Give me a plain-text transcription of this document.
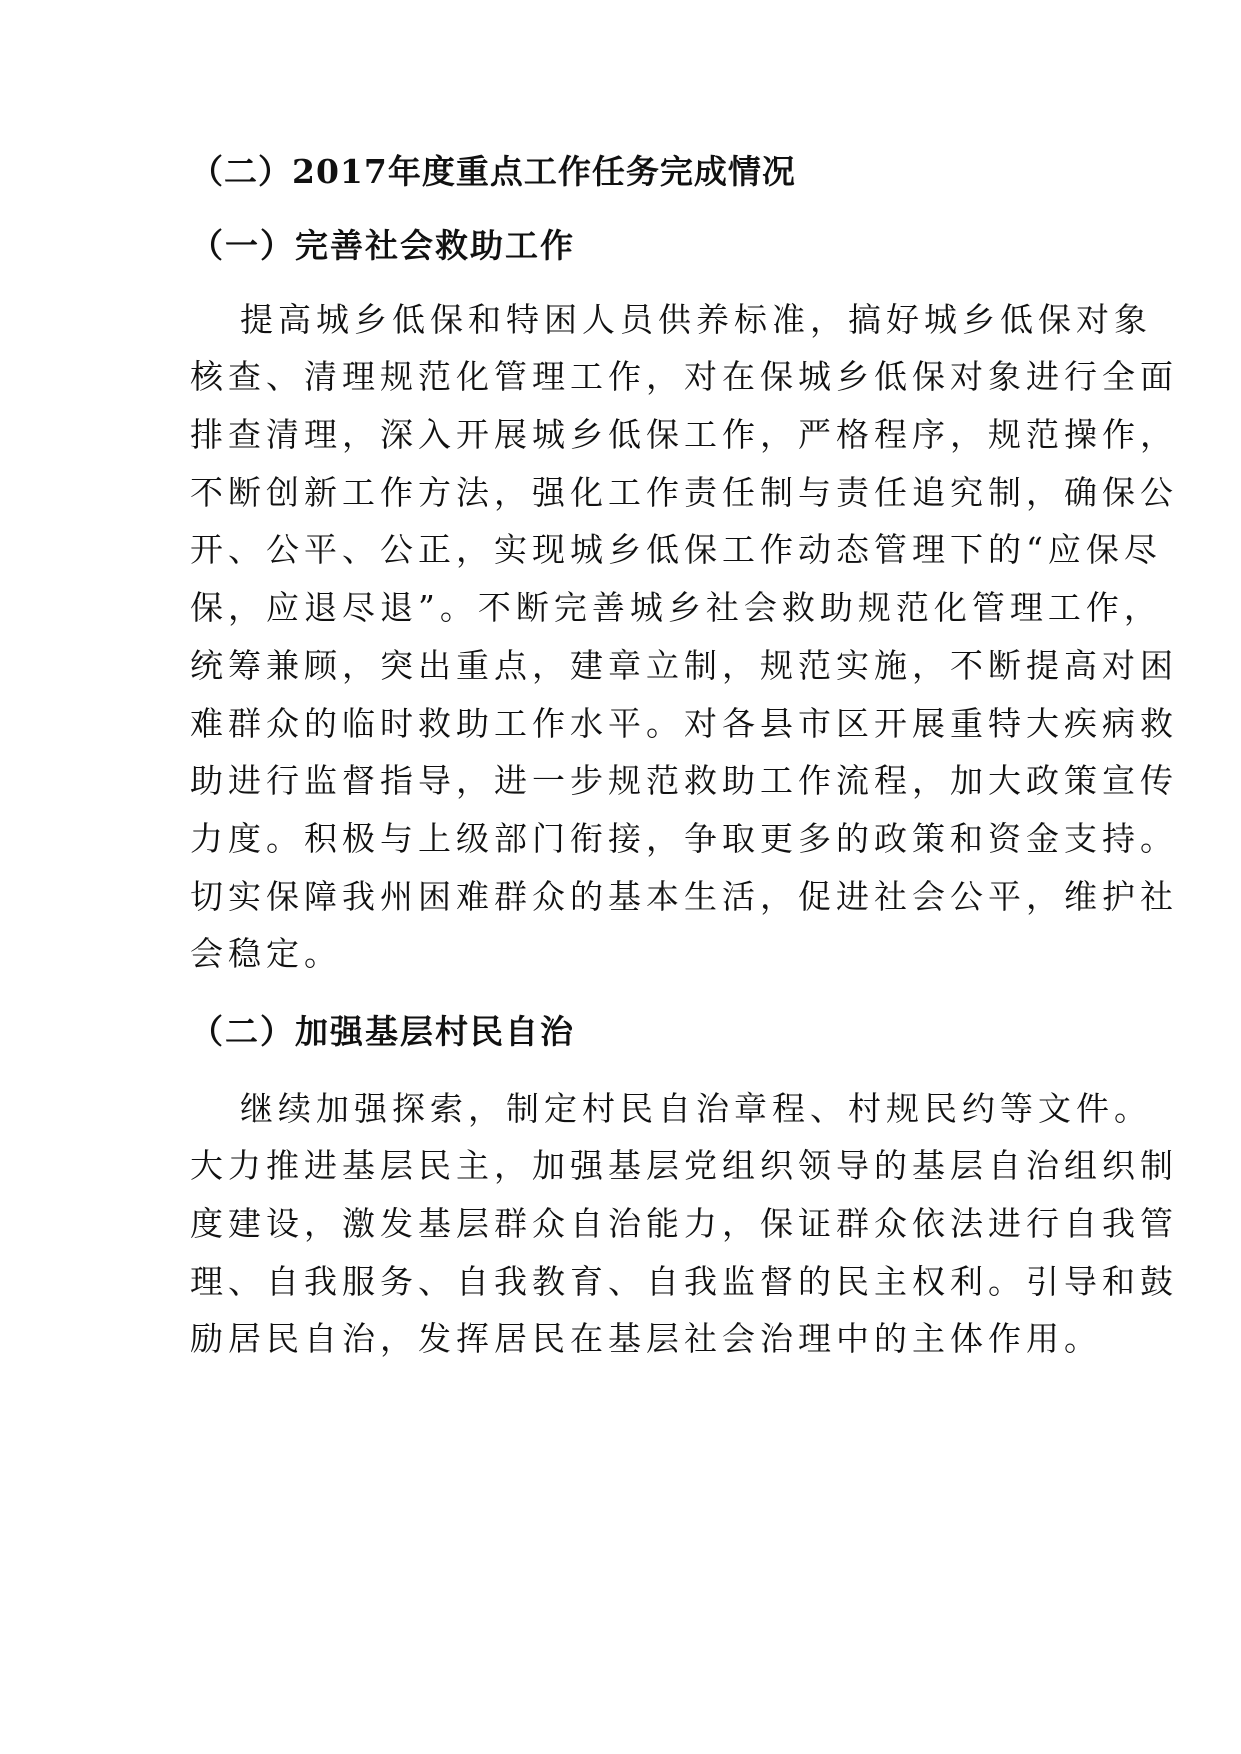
（二）2017年度重点工作任务完成情况
（一）完善社会救助工作
提高城乡低保和特困人员供养标准，搞好城乡低保对象
核查、清理规范化管理工作，对在保城乡低保对象进行全面
排查清理，深入开展城乡低保工作，严格程序，规范操作，
不断创新工作方法，强化工作责任制与责任追究制，确保公
开、公平、公正，实现城乡低保工作动态管理下的“应保尽
保，应退尽退”。不断完善城乡社会救助规范化管理工作，
统筹兼顾，突出重点，建章立制，规范实施，不断提高对困
难群众的临时救助工作水平。对各县市区开展重特大疾病救
助进行监督指导，进一步规范救助工作流程，加大政策宣传
力度。积极与上级部门衔接，争取更多的政策和资金支持。
切实保障我州困难群众的基本生活，促进社会公平，维护社
会稳定。
（二）加强基层村民自治
继续加强探索，制定村民自治章程、村规民约等文件。
大力推进基层民主，加强基层党组织领导的基层自治组织制
度建设，激发基层群众自治能力，保证群众依法进行自我管
理、自我服务、自我教育、自我监督的民主权利。引导和鼓
励居民自治，发挥居民在基层社会治理中的主体作用。
